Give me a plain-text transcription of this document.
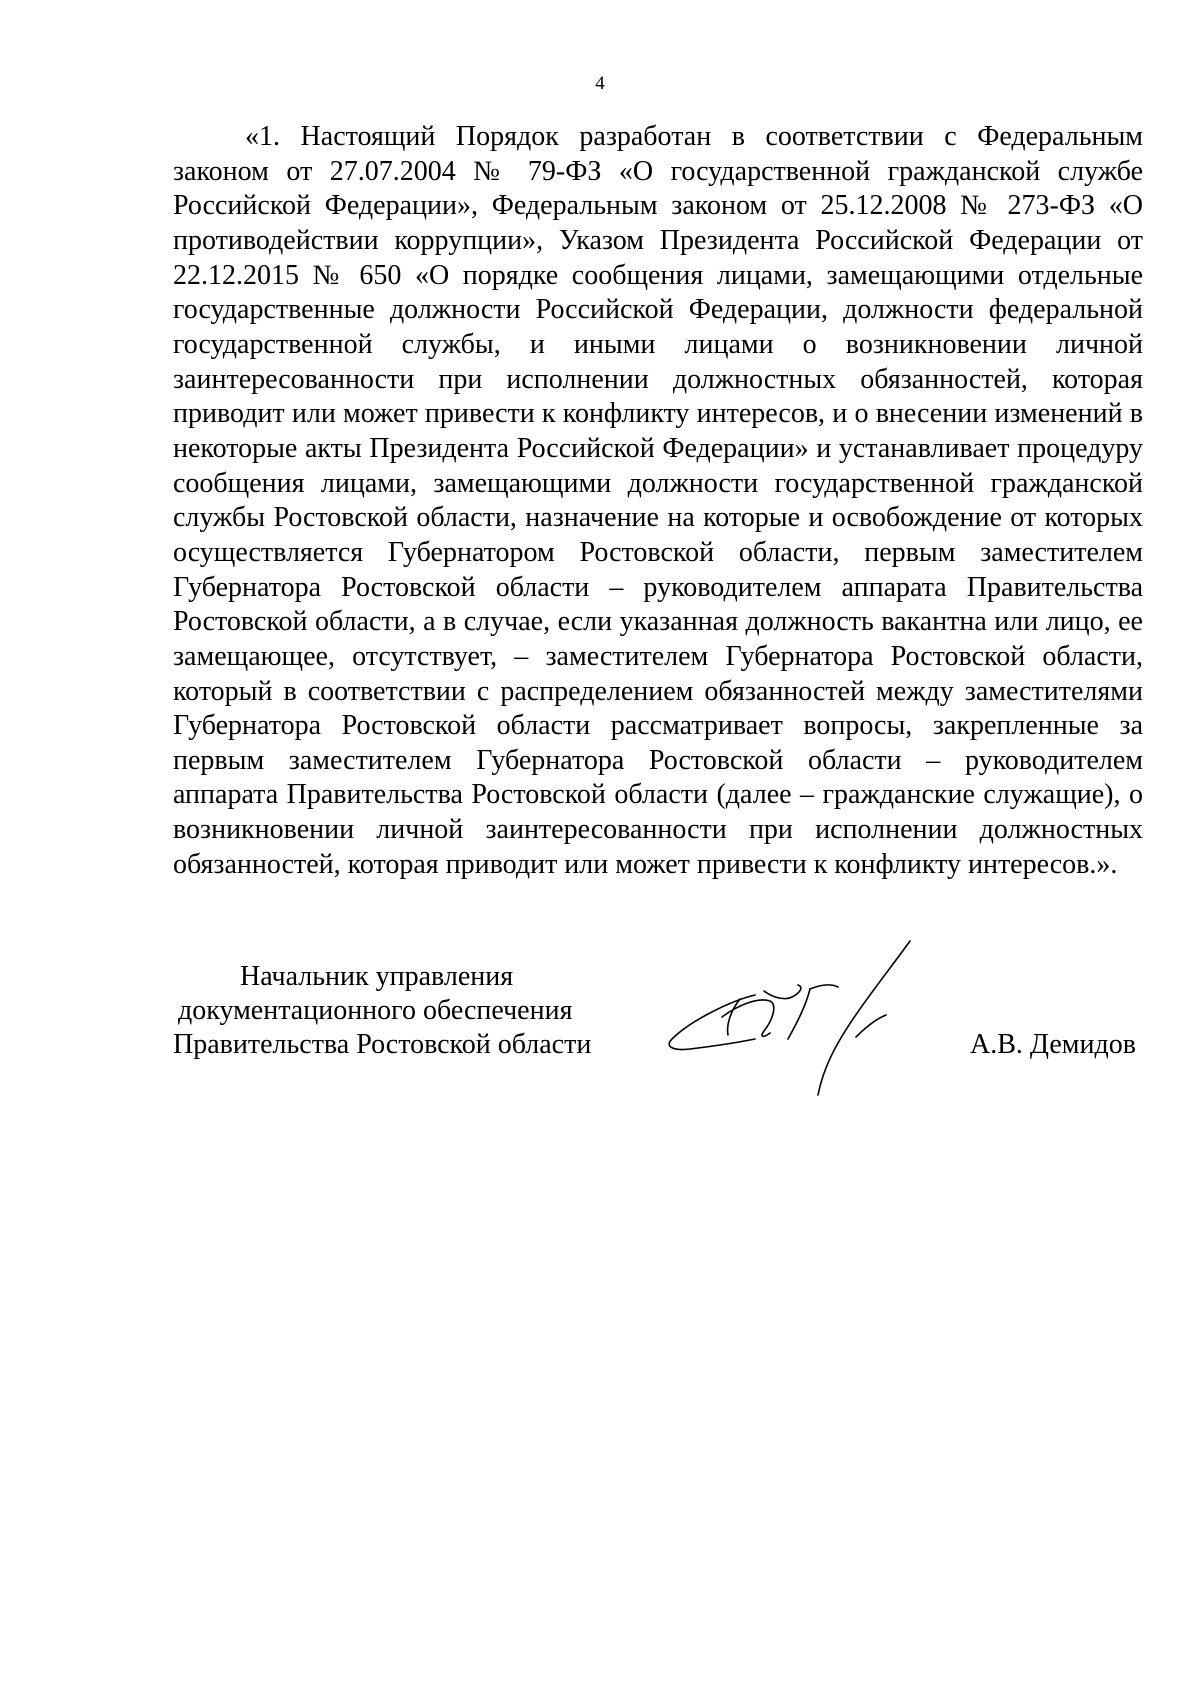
4

«1. Настоящий Порядок разработан в соответствии с Федеральным законом от 27.07.2004 № 79-ФЗ «О государственной гражданской службе Российской Федерации», Федеральным законом от 25.12.2008 № 273-ФЗ «О противодействии коррупции», Указом Президента Российской Федерации от 22.12.2015 № 650 «О порядке сообщения лицами, замещающими отдельные государственные должности Российской Федерации, должности федеральной государственной службы, и иными лицами о возникновении личной заинтересованности при исполнении должностных обязанностей, которая приводит или может привести к конфликту интересов, и о внесении изменений в некоторые акты Президента Российской Федерации» и устанавливает процедуру сообщения лицами, замещающими должности государственной гражданской службы Ростовской области, назначение на которые и освобождение от которых осуществляется Губернатором Ростовской области, первым заместителем Губернатора Ростовской области – руководителем аппарата Правительства Ростовской области, а в случае, если указанная должность вакантна или лицо, ее замещающее, отсутствует, – заместителем Губернатора Ростовской области, который в соответствии с распределением обязанностей между заместителями Губернатора Ростовской области рассматривает вопросы, закрепленные за первым заместителем Губернатора Ростовской области – руководителем аппарата Правительства Ростовской области (далее – гражданские служащие), о возникновении личной заинтересованности при исполнении должностных обязанностей, которая приводит или может привести к конфликту интересов.».

Начальник управления
документационного обеспечения
Правительства Ростовской области	А.В. Демидов
